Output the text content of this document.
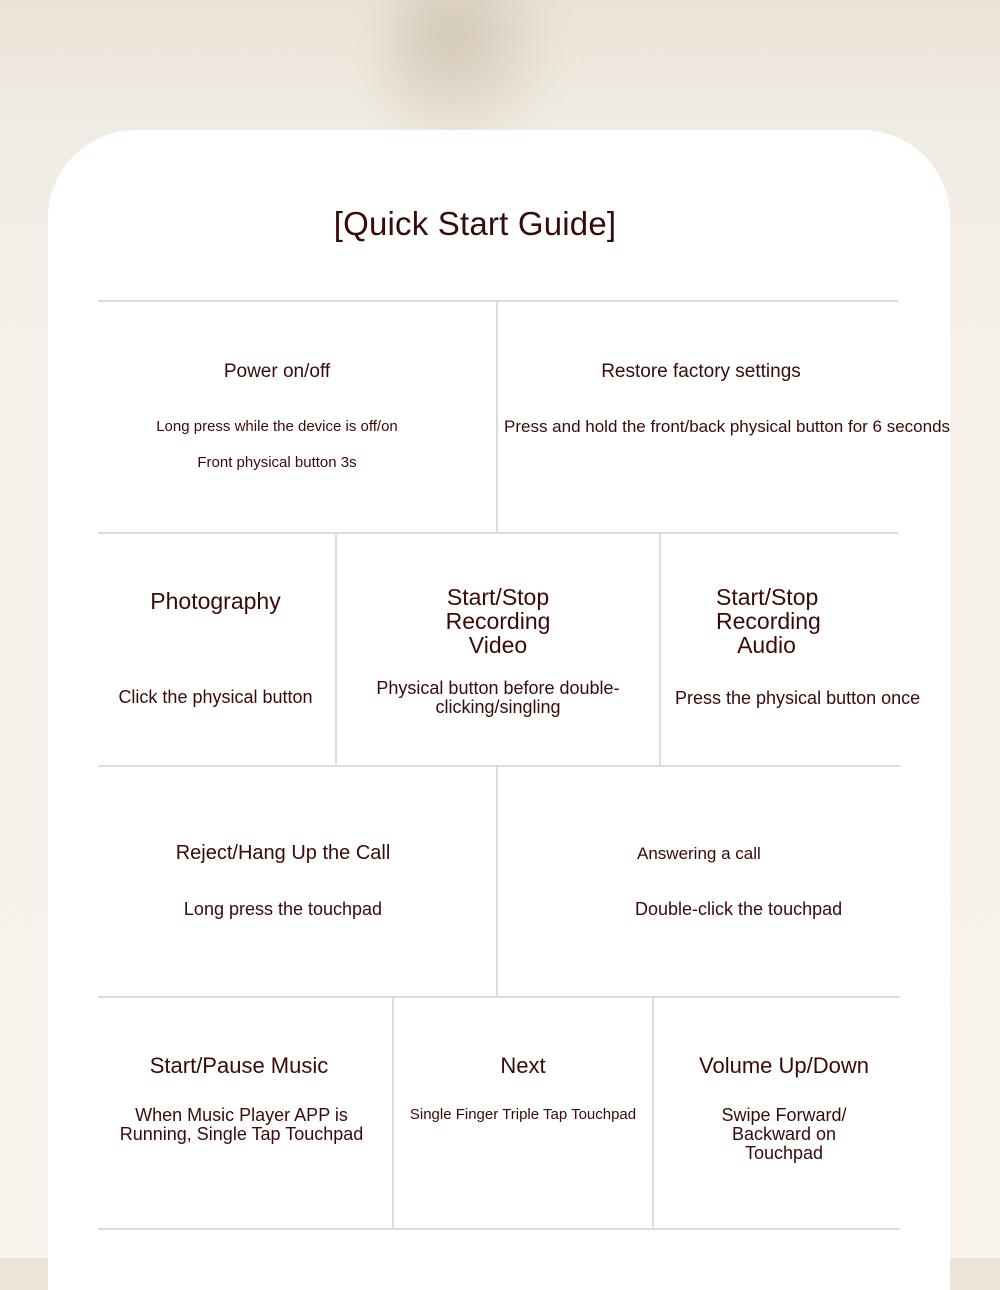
[Quick Start Guide]
Power on/off
Long press while the device is off/on
Front physical button 3s
Restore factory settings
Press and hold the front/back physical button for 6 seconds
Photography
Click the physical button
Start/Stop Recording Video
Physical button before double-clicking/singling
Start/Stop Recording Audio
Press the physical button once
Reject/Hang Up the Call
Long press the touchpad
Answering a call
Double-click the touchpad
Start/Pause Music
When Music Player APP is Running, Single Tap Touchpad
Next
Single Finger Triple Tap Touchpad
Volume Up/Down
Swipe Forward/ Backward on Touchpad
